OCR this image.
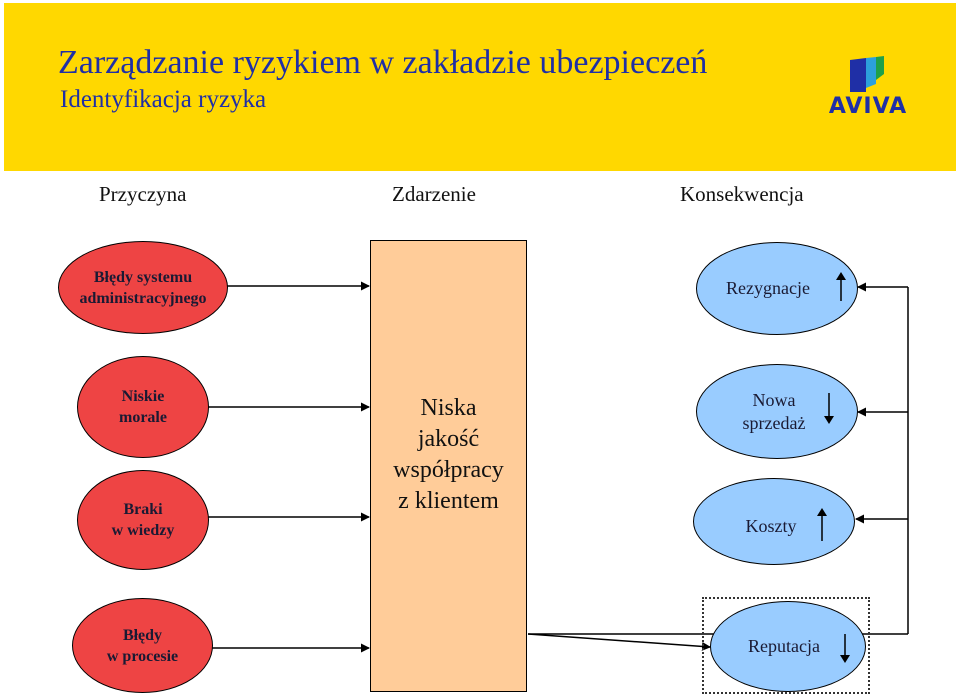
Zarządzanie ryzykiem w zakładzie ubezpieczeń
Identyfikacja ryzyka	AVIVA
Przyczyna	Zdarzenie	Konsekwencja
Błędy systemu
administracyjnego
Niskie
morale
Braki
w wiedzy
Błędy
w procesie
Niska
jakość
współpracy
z klientem
Rezygnacje
Nowa
sprzedaż
Koszty
Reputacja
